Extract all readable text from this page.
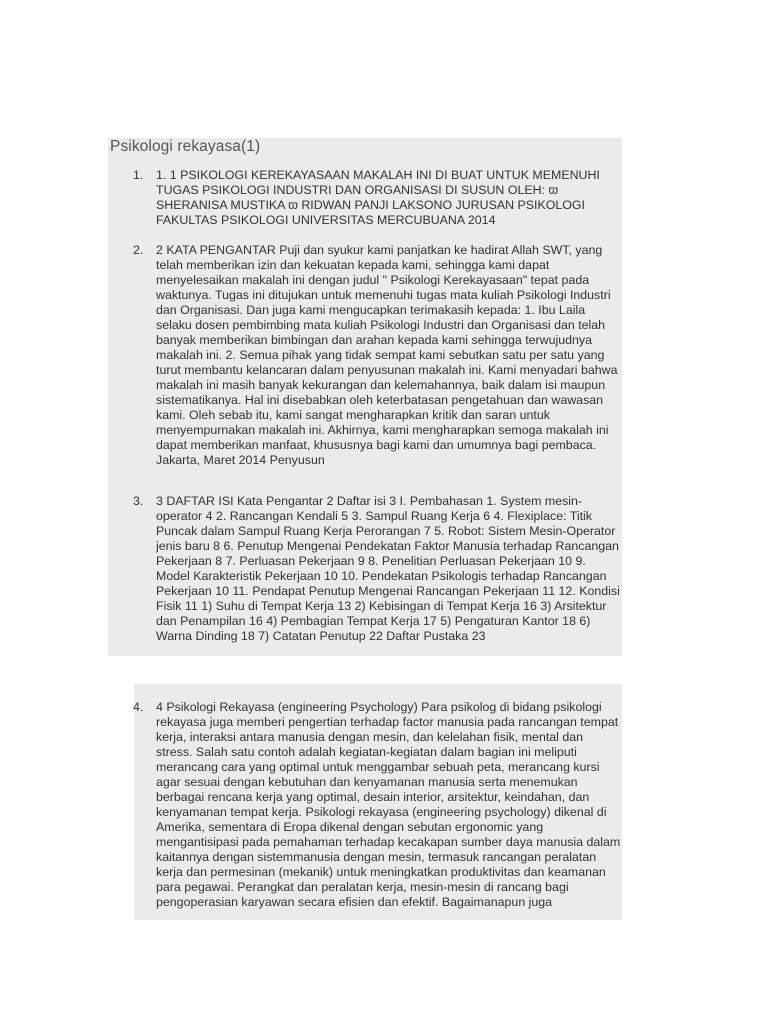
Psikologi rekayasa(1)
1. 1. 1 PSIKOLOGI KEREKAYASAAN MAKALAH INI DI BUAT UNTUK MEMENUHI TUGAS PSIKOLOGI INDUSTRI DAN ORGANISASI DI SUSUN OLEH: ϖ SHERANISA MUSTIKA ϖ RIDWAN PANJI LAKSONO JURUSAN PSIKOLOGI FAKULTAS PSIKOLOGI UNIVERSITAS MERCUBUANA 2014
2. 2 KATA PENGANTAR Puji dan syukur kami panjatkan ke hadirat Allah SWT, yang telah memberikan izin dan kekuatan kepada kami, sehingga kami dapat menyelesaikan makalah ini dengan judul " Psikologi Kerekayasaan" tepat pada waktunya. Tugas ini ditujukan untuk memenuhi tugas mata kuliah Psikologi Industri dan Organisasi. Dan juga kami mengucapkan terimakasih kepada: 1. Ibu Laila selaku dosen pembimbing mata kuliah Psikologi Industri dan Organisasi dan telah banyak memberikan bimbingan dan arahan kepada kami sehingga terwujudnya makalah ini. 2. Semua pihak yang tidak sempat kami sebutkan satu per satu yang turut membantu kelancaran dalam penyusunan makalah ini. Kami menyadari bahwa makalah ini masih banyak kekurangan dan kelemahannya, baik dalam isi maupun sistematikanya. Hal ini disebabkan oleh keterbatasan pengetahuan dan wawasan kami. Oleh sebab itu, kami sangat mengharapkan kritik dan saran untuk menyempurnakan makalah ini. Akhirnya, kami mengharapkan semoga makalah ini dapat memberikan manfaat, khususnya bagi kami dan umumnya bagi pembaca. Jakarta, Maret 2014 Penyusun
3. 3 DAFTAR ISI Kata Pengantar 2 Daftar isi 3 I. Pembahasan 1. System mesin-operator 4 2. Rancangan Kendali 5 3. Sampul Ruang Kerja 6 4. Flexiplace: Titik Puncak dalam Sampul Ruang Kerja Perorangan 7 5. Robot: Sistem Mesin-Operator jenis baru 8 6. Penutup Mengenai Pendekatan Faktor Manusia terhadap Rancangan Pekerjaan 8 7. Perluasan Pekerjaan 9 8. Penelitian Perluasan Pekerjaan 10 9. Model Karakteristik Pekerjaan 10 10. Pendekatan Psikologis terhadap Rancangan Pekerjaan 10 11. Pendapat Penutup Mengenai Rancangan Pekerjaan 11 12. Kondisi Fisik 11 1) Suhu di Tempat Kerja 13 2) Kebisingan di Tempat Kerja 16 3) Arsitektur dan Penampilan 16 4) Pembagian Tempat Kerja 17 5) Pengaturan Kantor 18 6) Warna Dinding 18 7) Catatan Penutup 22 Daftar Pustaka 23
4. 4 Psikologi Rekayasa (engineering Psychology) Para psikolog di bidang psikologi rekayasa juga memberi pengertian terhadap factor manusia pada rancangan tempat kerja, interaksi antara manusia dengan mesin, dan kelelahan fisik, mental dan stress. Salah satu contoh adalah kegiatan-kegiatan dalam bagian ini meliputi merancang cara yang optimal untuk menggambar sebuah peta, merancang kursi agar sesuai dengan kebutuhan dan kenyamanan manusia serta menemukan berbagai rencana kerja yang optimal, desain interior, arsitektur, keindahan, dan kenyamanan tempat kerja. Psikologi rekayasa (engineering psychology) dikenal di Amerika, sementara di Eropa dikenal dengan sebutan ergonomic yang mengantisipasi pada pemahaman terhadap kecakapan sumber daya manusia dalam kaitannya dengan sistemmanusia dengan mesin, termasuk rancangan peralatan kerja dan permesinan (mekanik) untuk meningkatkan produktivitas dan keamanan para pegawai. Perangkat dan peralatan kerja, mesin-mesin di rancang bagi pengoperasian karyawan secara efisien dan efektif. Bagaimanapun juga
